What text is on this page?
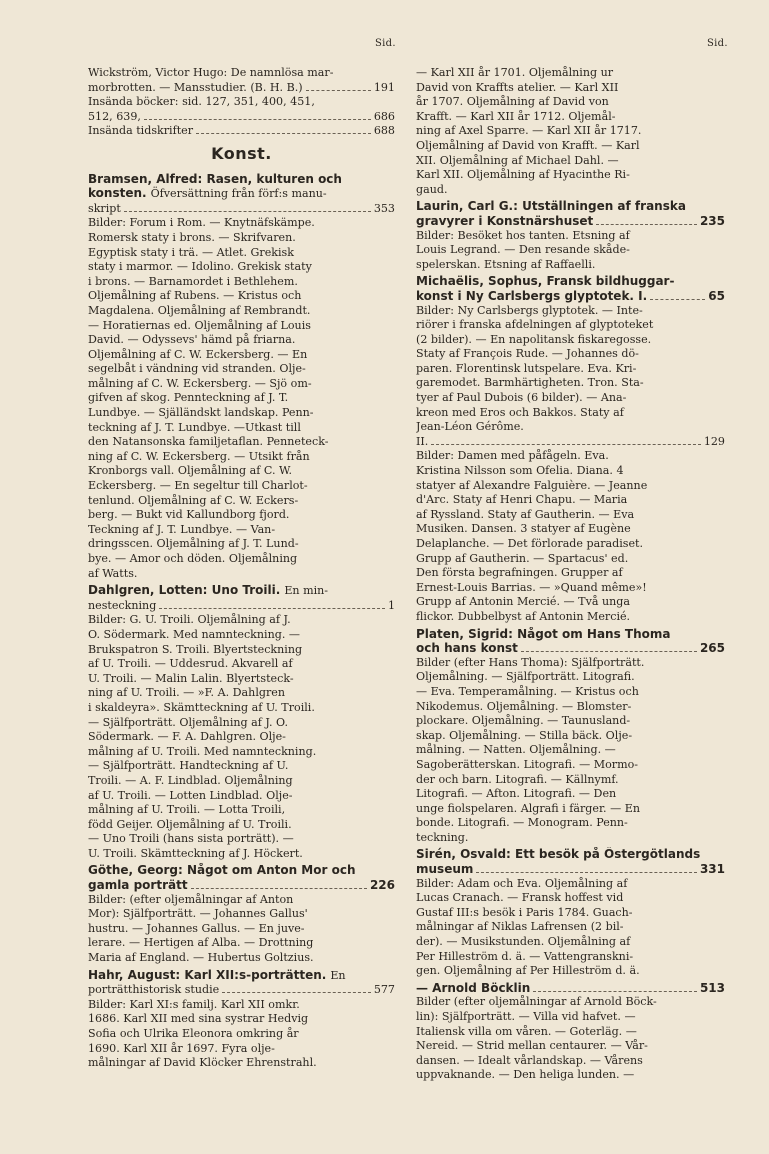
Sid.	Sid.
Wickström, Victor Hugo: De namnlösa mar-
morbrotten. — Mansstudier. (B. H. B.)	191
Insända böcker: sid. 127, 351, 400, 451,
512, 639,	686
Insända tidskrifter	688
Konst.
Bramsen, Alfred: Rasen, kulturen och
konsten. Öfversättning från förf:s manu-
skript	353
Bilder: Forum i Rom. — Knytnäfskämpe.
Romersk staty i brons. — Skrifvaren.
Egyptisk staty i trä. — Atlet. Grekisk
staty i marmor. — Idolino. Grekisk staty
i brons. — Barnamordet i Bethlehem.
Oljemålning af Rubens. — Kristus och
Magdalena. Oljemålning af Rembrandt.
— Horatiernas ed. Oljemålning af Louis
David. — Odyssevs' hämd på friarna.
Oljemålning af C. W. Eckersberg. — En
segelbåt i vändning vid stranden. Olje-
målning af C. W. Eckersberg. — Sjö om-
gifven af skog. Pennteckning af J. T.
Lundbye. — Själländskt landskap. Penn-
teckning af J. T. Lundbye. —Utkast till
den Natansonska familjetaflan. Penneteck-
ning af C. W. Eckersberg. — Utsikt från
Kronborgs vall. Oljemålning af C. W.
Eckersberg. — En segeltur till Charlot-
tenlund. Oljemålning af C. W. Eckers-
berg. — Bukt vid Kallundborg fjord.
Teckning af J. T. Lundbye. — Van-
dringsscen. Oljemålning af J. T. Lund-
bye. — Amor och döden. Oljemålning
af Watts.
Dahlgren, Lotten: Uno Troili. En min-
nesteckning	1
Bilder: G. U. Troili. Oljemålning af J.
O. Södermark. Med namnteckning. —
Brukspatron S. Troili. Blyertsteckning
af U. Troili. — Uddesrud. Akvarell af
U. Troili. — Malin Lalin. Blyertsteck-
ning af U. Troili. — »F. A. Dahlgren
i skaldeyra». Skämtteckning af U. Troili.
— Själfporträtt. Oljemålning af J. O.
Södermark. — F. A. Dahlgren. Olje-
målning af U. Troili. Med namnteckning.
— Själfporträtt. Handteckning af U.
Troili. — A. F. Lindblad. Oljemålning
af U. Troili. — Lotten Lindblad. Olje-
målning af U. Troili. — Lotta Troili,
född Geijer. Oljemålning af U. Troili.
— Uno Troili (hans sista porträtt). —
U. Troili. Skämtteckning af J. Höckert.
Göthe, Georg: Något om Anton Mor och
gamla porträtt	226
Bilder: (efter oljemålningar af Anton
Mor): Själfporträtt. — Johannes Gallus'
hustru. — Johannes Gallus. — En juve-
lerare. — Hertigen af Alba. — Drottning
Maria af England. — Hubertus Goltzius.
Hahr, August: Karl XII:s-porträtten. En
porträtthistorisk studie	577
Bilder: Karl XI:s familj. Karl XII omkr.
1686. Karl XII med sina systrar Hedvig
Sofia och Ulrika Eleonora omkring år
1690. Karl XII år 1697. Fyra olje-
målningar af David Klöcker Ehrenstrahl.
— Karl XII år 1701. Oljemålning ur
David von Kraffts atelier. — Karl XII
år 1707. Oljemålning af David von
Krafft. — Karl XII år 1712. Oljemål-
ning af Axel Sparre. — Karl XII år 1717.
Oljemålning af David von Krafft. — Karl
XII. Oljemålning af Michael Dahl. —
Karl XII. Oljemålning af Hyacinthe Ri-
gaud.
Laurin, Carl G.: Utställningen af franska
gravyrer i Konstnärshuset	235
Bilder: Besöket hos tanten. Etsning af
Louis Legrand. — Den resande skåde-
spelerskan. Etsning af Raffaelli.
Michaëlis, Sophus, Fransk bildhuggar-
konst i Ny Carlsbergs glyptotek. I.	65
Bilder: Ny Carlsbergs glyptotek. — Inte-
riörer i franska afdelningen af glyptoteket
(2 bilder). — En napolitansk fiskaregosse.
Staty af François Rude. — Johannes dö-
paren. Florentinsk lutspelare. Eva. Kri-
garemodet. Barmhärtigheten. Tron. Sta-
tyer af Paul Dubois (6 bilder). — Ana-
kreon med Eros och Bakkos. Staty af
Jean-Léon Gérôme.
II.	129
Bilder: Damen med påfågeln. Eva.
Kristina Nilsson som Ofelia. Diana. 4
statyer af Alexandre Falguière. — Jeanne
d'Arc. Staty af Henri Chapu. — Maria
af Ryssland. Staty af Gautherin. — Eva
Musiken. Dansen. 3 statyer af Eugène
Delaplanche. — Det förlorade paradiset.
Grupp af Gautherin. — Spartacus' ed.
Den första begrafningen. Grupper af
Ernest-Louis Barrias. — »Quand même»!
Grupp af Antonin Mercié. — Två unga
flickor. Dubbelbyst af Antonin Mercié.
Platen, Sigrid: Något om Hans Thoma
och hans konst	265
Bilder (efter Hans Thoma): Själfporträtt.
Oljemålning. — Själfporträtt. Litografi.
— Eva. Temperamålning. — Kristus och
Nikodemus. Oljemålning. — Blomster-
plockare. Oljemålning. — Taunusland-
skap. Oljemålning. — Stilla bäck. Olje-
målning. — Natten. Oljemålning. —
Sagoberätterskan. Litografi. — Mormo-
der och barn. Litografi. — Källnymf.
Litografi. — Afton. Litografi. — Den
unge fiolspelaren. Algrafi i färger. — En
bonde. Litografi. — Monogram. Penn-
teckning.
Sirén, Osvald: Ett besök på Östergötlands
museum	331
Bilder: Adam och Eva. Oljemålning af
Lucas Cranach. — Fransk hoffest vid
Gustaf III:s besök i Paris 1784. Guach-
målningar af Niklas Lafrensen (2 bil-
der). — Musikstunden. Oljemålning af
Per Hilleström d. ä. — Vattengranskni-
gen. Oljemålning af Per Hilleström d. ä.
— Arnold Böcklin	513
Bilder (efter oljemålningar af Arnold Böck-
lin): Själfporträtt. — Villa vid hafvet. —
Italiensk villa om våren. — Goterläg. —
Nereid. — Strid mellan centaurer. — Vår-
dansen. — Idealt vårlandskap. — Vårens
uppvaknande. — Den heliga lunden. —
